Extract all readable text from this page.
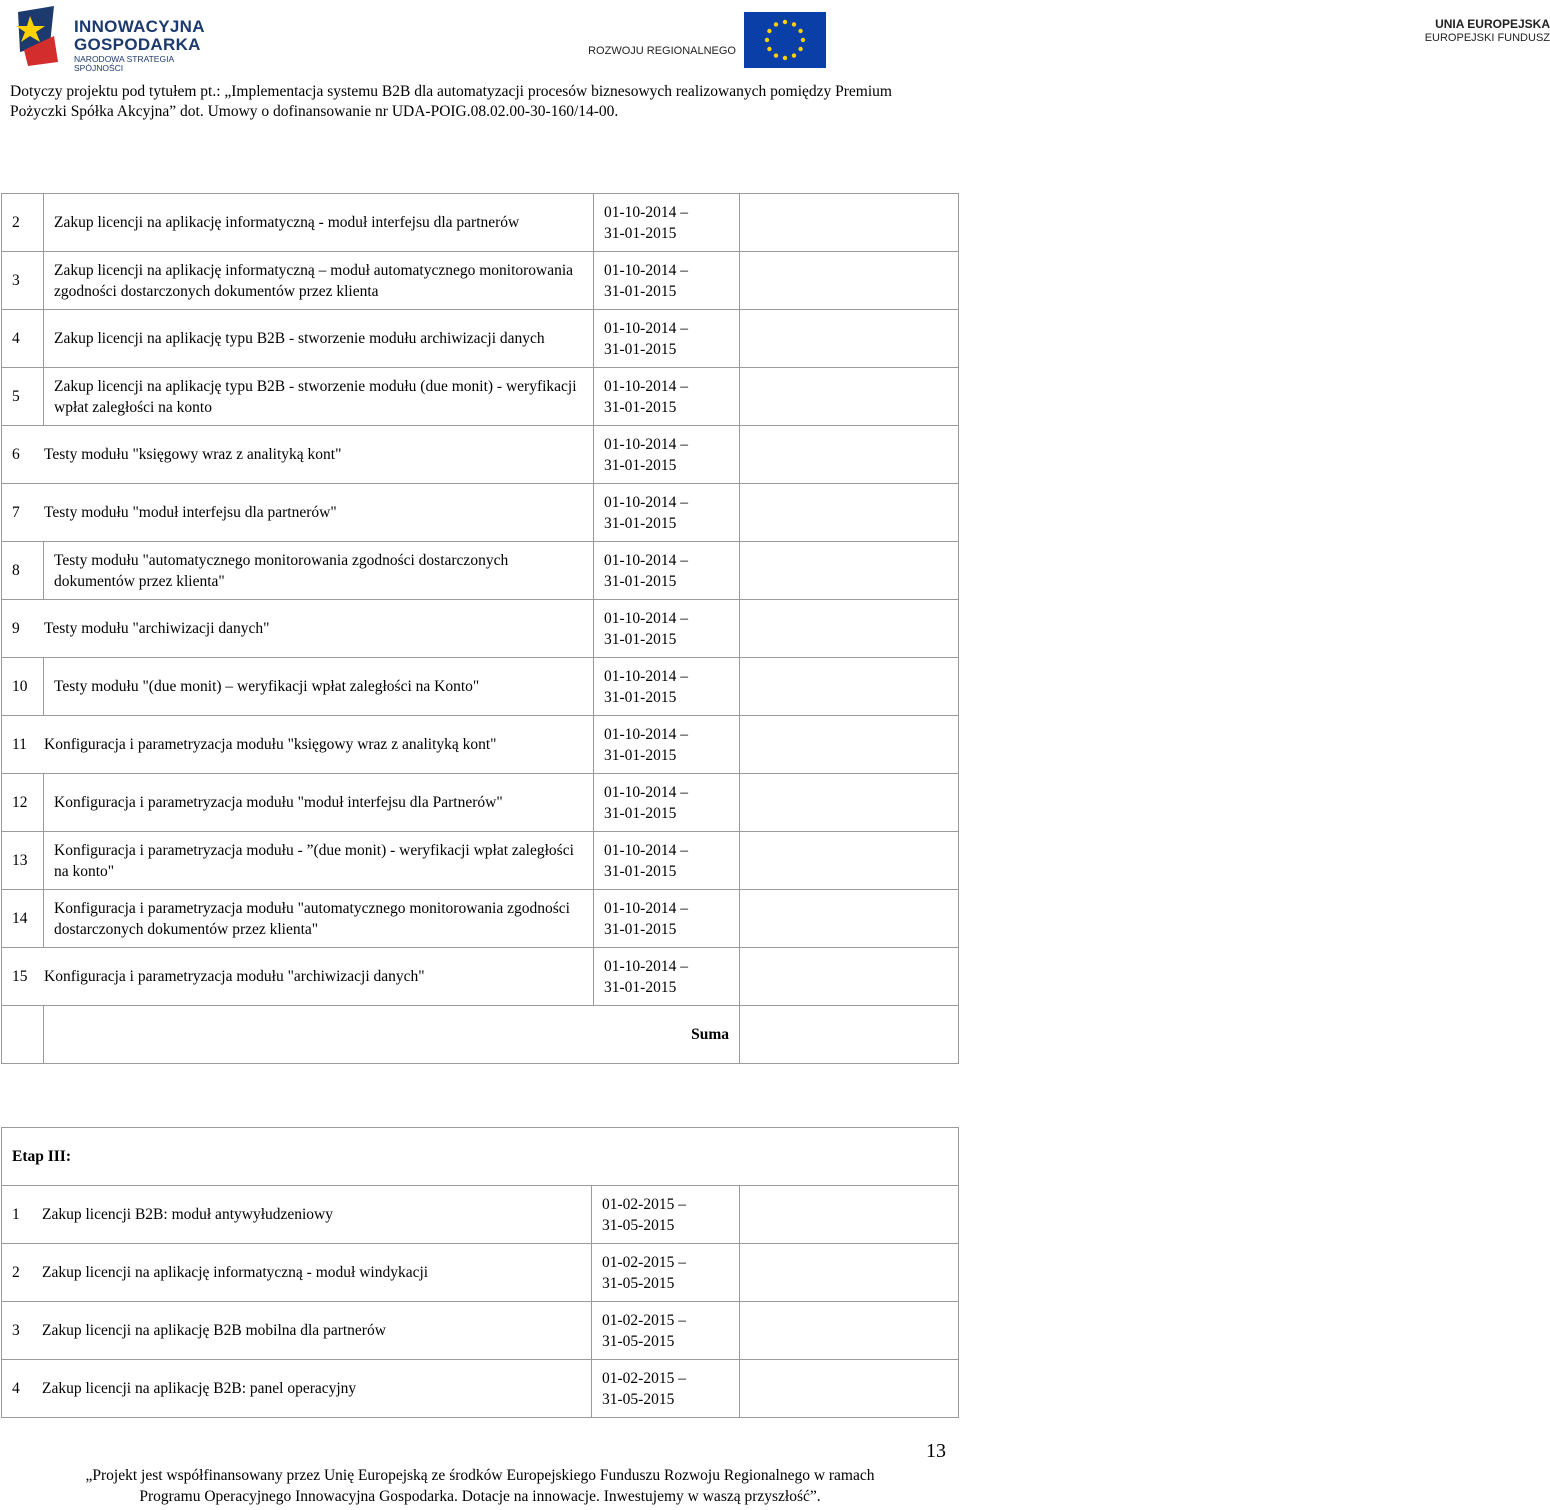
INNOWACYJNA
GOSPODARKA
NARODOWA STRATEGIA SPÓJNOŚCI
UNIA EUROPEJSKA
EUROPEJSKI FUNDUSZ
ROZWOJU REGIONALNEGO
Dotyczy projektu pod tytułem pt.: „Implementacja systemu B2B dla automatyzacji procesów biznesowych realizowanych pomiędzy Premium
Pożyczki Spółka Akcyjna” dot. Umowy o dofinansowanie nr UDA-POIG.08.02.00-30-160/14-00.
2	Zakup licencji na aplikację informatyczną - moduł interfejsu dla partnerów	01-10-2014 –
31-01-2015	

3	Zakup licencji na aplikację informatyczną – moduł automatycznego monitorowania zgodności dostarczonych dokumentów przez klienta	01-10-2014 –
31-01-2015	

4	Zakup licencji na aplikację typu B2B - stworzenie modułu archiwizacji danych	01-10-2014 –
31-01-2015	

5	Zakup licencji na aplikację typu B2B - stworzenie modułu (due monit) - weryfikacji wpłat zaległości na konto	01-10-2014 –
31-01-2015	

6 Testy modułu "księgowy wraz z analityką kont"		01-10-2014 –
31-01-2015	

7 Testy modułu "moduł interfejsu dla partnerów"		01-10-2014 –
31-01-2015	

8	Testy modułu "automatycznego monitorowania zgodności dostarczonych dokumentów przez klienta"	01-10-2014 –
31-01-2015	

9 Testy modułu "archiwizacji danych"		01-10-2014 –
31-01-2015	

10	Testy modułu "(due monit) – weryfikacji wpłat zaległości na Konto"	01-10-2014 –
31-01-2015	

11 Konfiguracja i parametryzacja modułu "księgowy wraz z analityką kont"		01-10-2014 –
31-01-2015	

12	Konfiguracja i parametryzacja modułu "moduł interfejsu dla Partnerów"	01-10-2014 –
31-01-2015	

13	Konfiguracja i parametryzacja modułu - ”(due monit) - weryfikacji wpłat zaległości na konto"	01-10-2014 –
31-01-2015	

14	Konfiguracja i parametryzacja modułu "automatycznego monitorowania zgodności dostarczonych dokumentów przez klienta"	01-10-2014 –
31-01-2015	

15 Konfiguracja i parametryzacja modułu "archiwizacji danych"		01-10-2014 –
31-01-2015	

	Suma		
Etap III:		
1 Zakup licencji B2B: moduł antywyłudzeniowy	01-02-2015 –
31-05-2015	

2 Zakup licencji na aplikację informatyczną - moduł windykacji	01-02-2015 –
31-05-2015	

3 Zakup licencji na aplikację B2B mobilna dla partnerów	01-02-2015 –
31-05-2015	

4 Zakup licencji na aplikację B2B: panel operacyjny	01-02-2015 –
31-05-2015	

13
„Projekt jest współfinansowany przez Unię Europejską ze środków Europejskiego Funduszu Rozwoju Regionalnego w ramach
Programu Operacyjnego Innowacyjna Gospodarka. Dotacje na innowacje. Inwestujemy w waszą przyszłość”.
